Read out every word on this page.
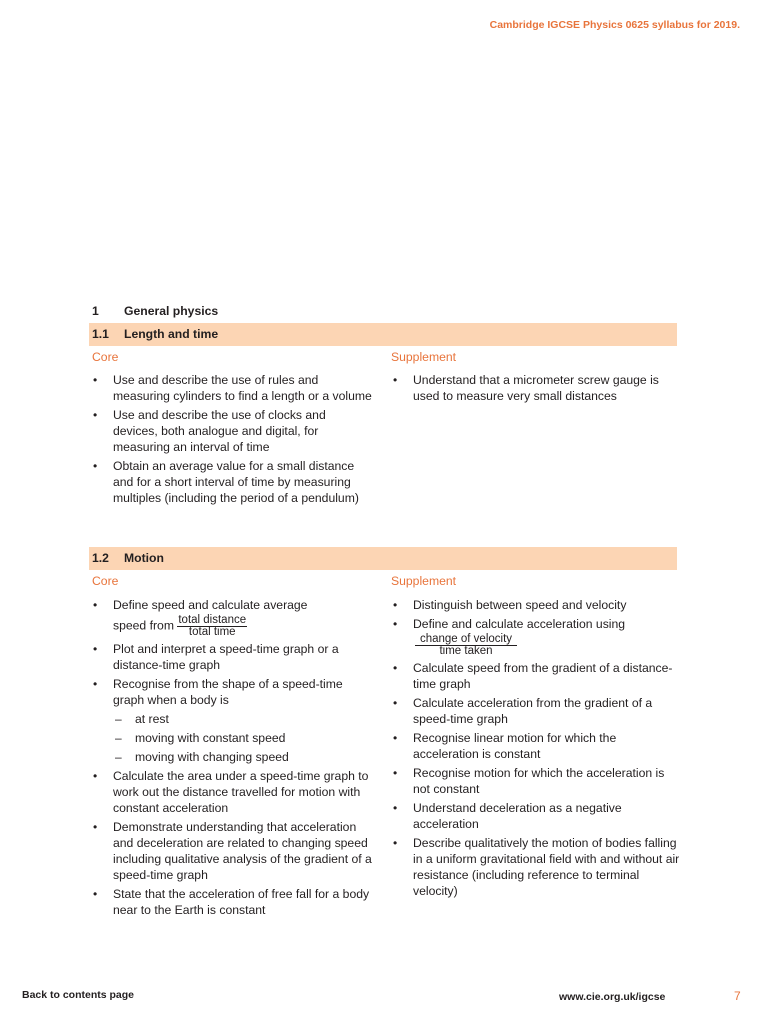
Cambridge IGCSE Physics 0625 syllabus for 2019.
1 General physics
1.1 Length and time
Core	Supplement
• Use and describe the use of rules and measuring cylinders to find a length or a volume
• Use and describe the use of clocks and devices, both analogue and digital, for measuring an interval of time
• Obtain an average value for a small distance and for a short interval of time by measuring multiples (including the period of a pendulum)
• Understand that a micrometer screw gauge is used to measure very small distances
1.2 Motion
Core	Supplement
• Define speed and calculate average
speed from $\frac{\text{total distance}}{\text{total time}}$
• Plot and interpret a speed-time graph or a distance-time graph
• Recognise from the shape of a speed-time graph when a body is
– at rest
– moving with constant speed
– moving with changing speed
• Calculate the area under a speed-time graph to work out the distance travelled for motion with constant acceleration
• Demonstrate understanding that acceleration and deceleration are related to changing speed including qualitative analysis of the gradient of a speed-time graph
• State that the acceleration of free fall for a body near to the Earth is constant
• Distinguish between speed and velocity
• Define and calculate acceleration using
change of velocity
time taken
• Calculate speed from the gradient of a distance-time graph
• Calculate acceleration from the gradient of a speed-time graph
• Recognise linear motion for which the acceleration is constant
• Recognise motion for which the acceleration is not constant
• Understand deceleration as a negative acceleration
• Describe qualitatively the motion of bodies falling in a uniform gravitational field with and without air resistance (including reference to terminal velocity)
Back to contents page	www.cie.org.uk/igcse	7
